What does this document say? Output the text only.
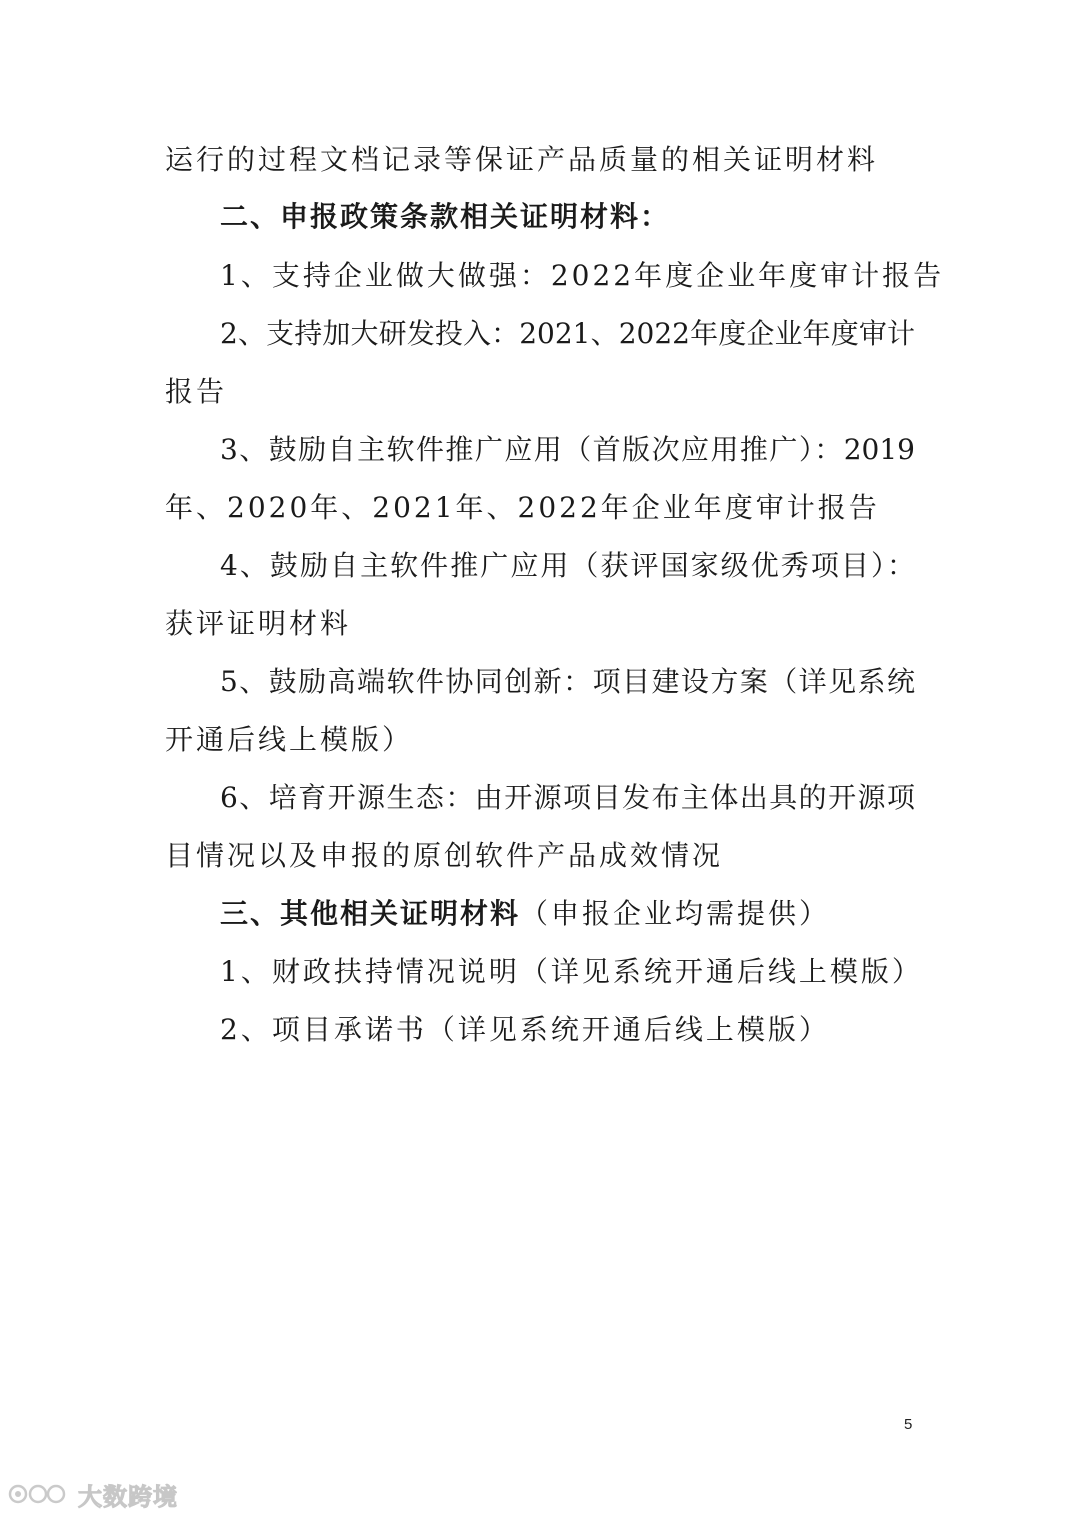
运行的过程文档记录等保证产品质量的相关证明材料
二、申报政策条款相关证明材料：
1、支持企业做大做强：2022年度企业年度审计报告
2、支持加大研发投入：2021、2022年度企业年度审计
报告
3、鼓励自主软件推广应用（首版次应用推广）：2019
年、2020年、2021年、2022年企业年度审计报告
4、鼓励自主软件推广应用（获评国家级优秀项目）：
获评证明材料
5、鼓励高端软件协同创新：项目建设方案（详见系统
开通后线上模版）
6、培育开源生态：由开源项目发布主体出具的开源项
目情况以及申报的原创软件产品成效情况
三、其他相关证明材料（申报企业均需提供）
1、财政扶持情况说明（详见系统开通后线上模版）
2、项目承诺书（详见系统开通后线上模版）
5
大数跨境
